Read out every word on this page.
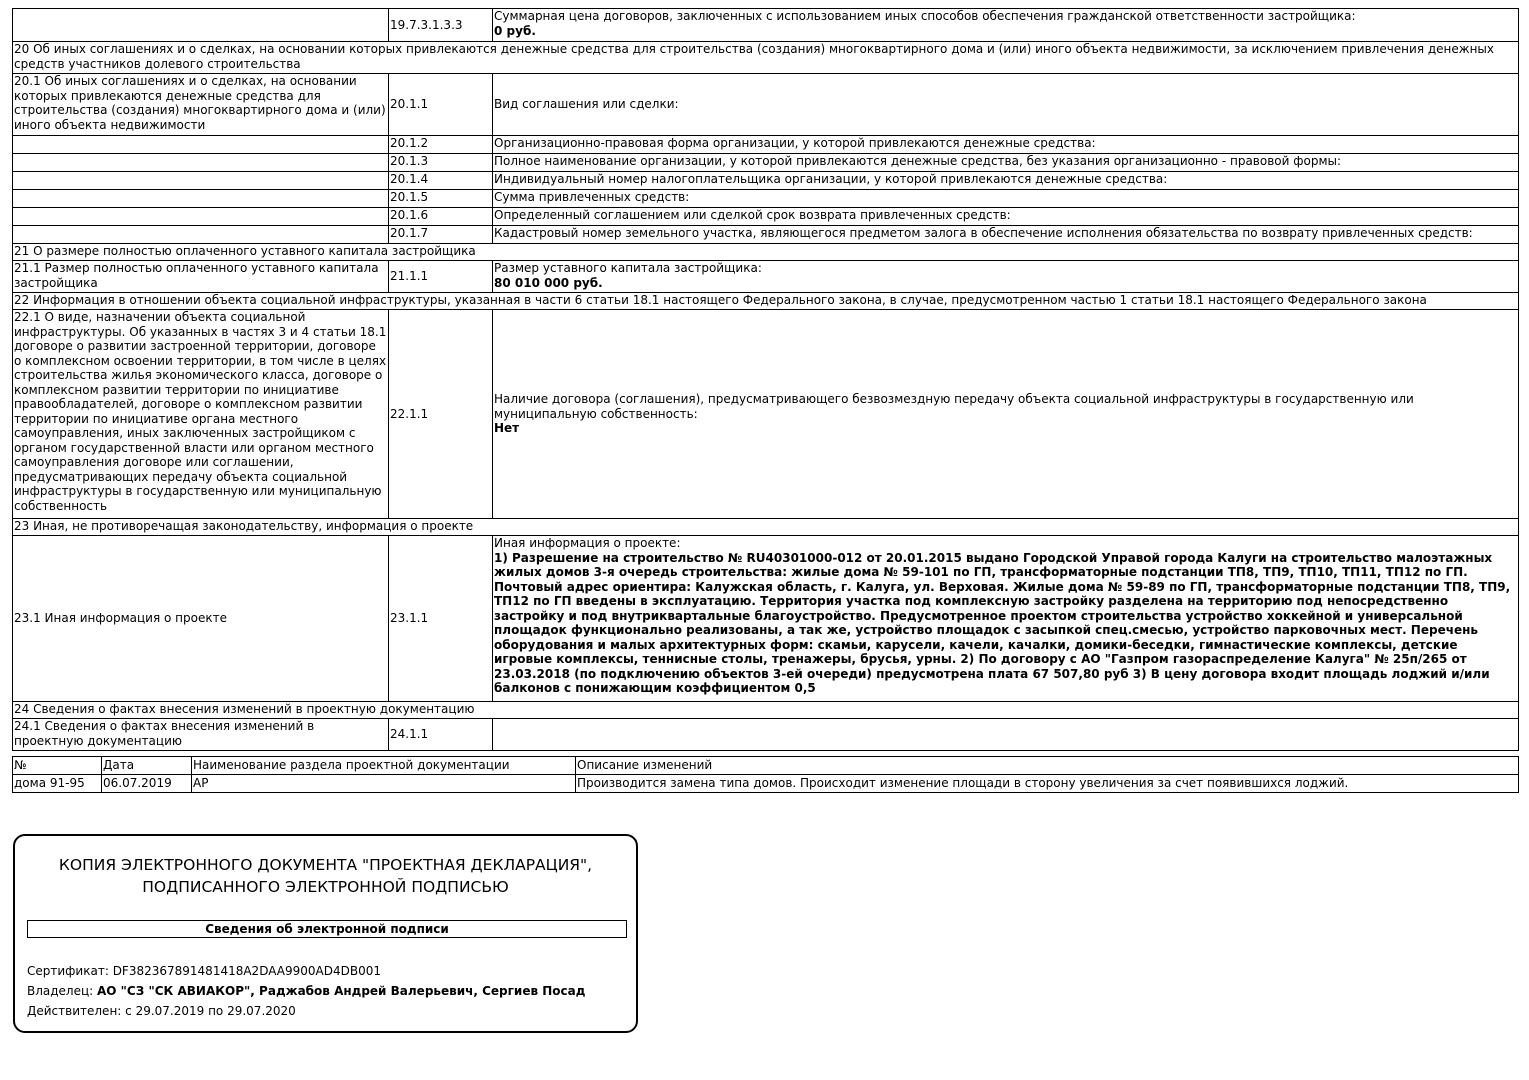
	19.7.3.1.3.3	Суммарная цена договоров, заключенных с использованием иных способов обеспечения гражданской ответственности застройщика:
0 руб.
20 Об иных соглашениях и о сделках, на основании которых привлекаются денежные средства для строительства (создания) многоквартирного дома и (или) иного объекта недвижимости, за исключением привлечения денежных средств участников долевого строительства		
20.1 Об иных соглашениях и о сделках, на основании которых привлекаются денежные средства для строительства (создания) многоквартирного дома и (или) иного объекта недвижимости	20.1.1	Вид соглашения или сделки:
	20.1.2	Организационно-правовая форма организации, у которой привлекаются денежные средства:
	20.1.3	Полное наименование организации, у которой привлекаются денежные средства, без указания организационно - правовой формы:
	20.1.4	Индивидуальный номер налогоплательщика организации, у которой привлекаются денежные средства:
	20.1.5	Сумма привлеченных средств:
	20.1.6	Определенный соглашением или сделкой срок возврата привлеченных средств:
	20.1.7	Кадастровый номер земельного участка, являющегося предметом залога в обеспечение исполнения обязательства по возврату привлеченных средств:
21 О размере полностью оплаченного уставного капитала застройщика		
21.1 Размер полностью оплаченного уставного капитала застройщика	21.1.1	Размер уставного капитала застройщика:
80 010 000 руб.
22 Информация в отношении объекта социальной инфраструктуры, указанная в части 6 статьи 18.1 настоящего Федерального закона, в случае, предусмотренном частью 1 статьи 18.1 настоящего Федерального закона		
22.1 О виде, назначении объекта социальной инфраструктуры. Об указанных в частях 3 и 4 статьи 18.1 договоре о развитии застроенной территории, договоре о комплексном освоении территории, в том числе в целях строительства жилья экономического класса, договоре о комплексном развитии территории по инициативе правообладателей, договоре о комплексном развитии территории по инициативе органа местного самоуправления, иных заключенных застройщиком с органом государственной власти или органом местного самоуправления договоре или соглашении, предусматривающих передачу объекта социальной инфраструктуры в государственную или муниципальную собственность	22.1.1	Наличие договора (соглашения), предусматривающего безвозмездную передачу объекта социальной инфраструктуры в государственную или муниципальную собственность:
Нет
23 Иная, не противоречащая законодательству, информация о проекте		
23.1 Иная информация о проекте	23.1.1	Иная информация о проекте:
1) Разрешение на строительство № RU40301000-012 от 20.01.2015 выдано Городской Управой города Калуги на строительство малоэтажных жилых домов 3-я очередь строительства: жилые дома № 59-101 по ГП, трансформаторные подстанции ТП8, ТП9, ТП10, ТП11, ТП12 по ГП. Почтовый адрес ориентира: Калужская область, г. Калуга, ул. Верховая. Жилые дома № 59-89 по ГП, трансформаторные подстанции ТП8, ТП9, ТП12 по ГП введены в эксплуатацию. Территория участка под комплексную застройку разделена на территорию под непосредственно застройку и под внутриквартальные благоустройство. Предусмотренное проектом строительства устройство хоккейной и универсальной площадок функционально реализованы, а так же, устройство площадок с засыпкой спец.смесью, устройство парковочных мест. Перечень оборудования и малых архитектурных форм: скамьи, карусели, качели, качалки, домики-беседки, гимнастические комплексы, детские игровые комплексы, теннисные столы, тренажеры, брусья, урны. 2) По договору с АО "Газпром газораспределение Калуга" № 25п/265 от 23.03.2018 (по подключению объектов 3-ей очереди) предусмотрена плата 67 507,80 руб 3) В цену договора входит площадь лоджий и/или балконов с понижающим коэффициентом 0,5
24 Сведения о фактах внесения изменений в проектную документацию		
24.1 Сведения о фактах внесения изменений в проектную документацию	24.1.1	
№	Дата	Наименование раздела проектной документации	Описание изменений
дома 91-95	06.07.2019	АР	Производится замена типа домов. Происходит изменение площади в сторону увеличения за счет появившихся лоджий.
КОПИЯ ЭЛЕКТРОННОГО ДОКУМЕНТА "ПРОЕКТНАЯ ДЕКЛАРАЦИЯ",
ПОДПИСАННОГО ЭЛЕКТРОННОЙ ПОДПИСЬЮ
Сведения об электронной подписи
Сертификат: DF382367891481418A2DAA9900AD4DB001
Владелец: АО "СЗ "СК АВИАКОР", Раджабов Андрей Валерьевич, Сергиев Посад
Действителен: с 29.07.2019 по 29.07.2020
